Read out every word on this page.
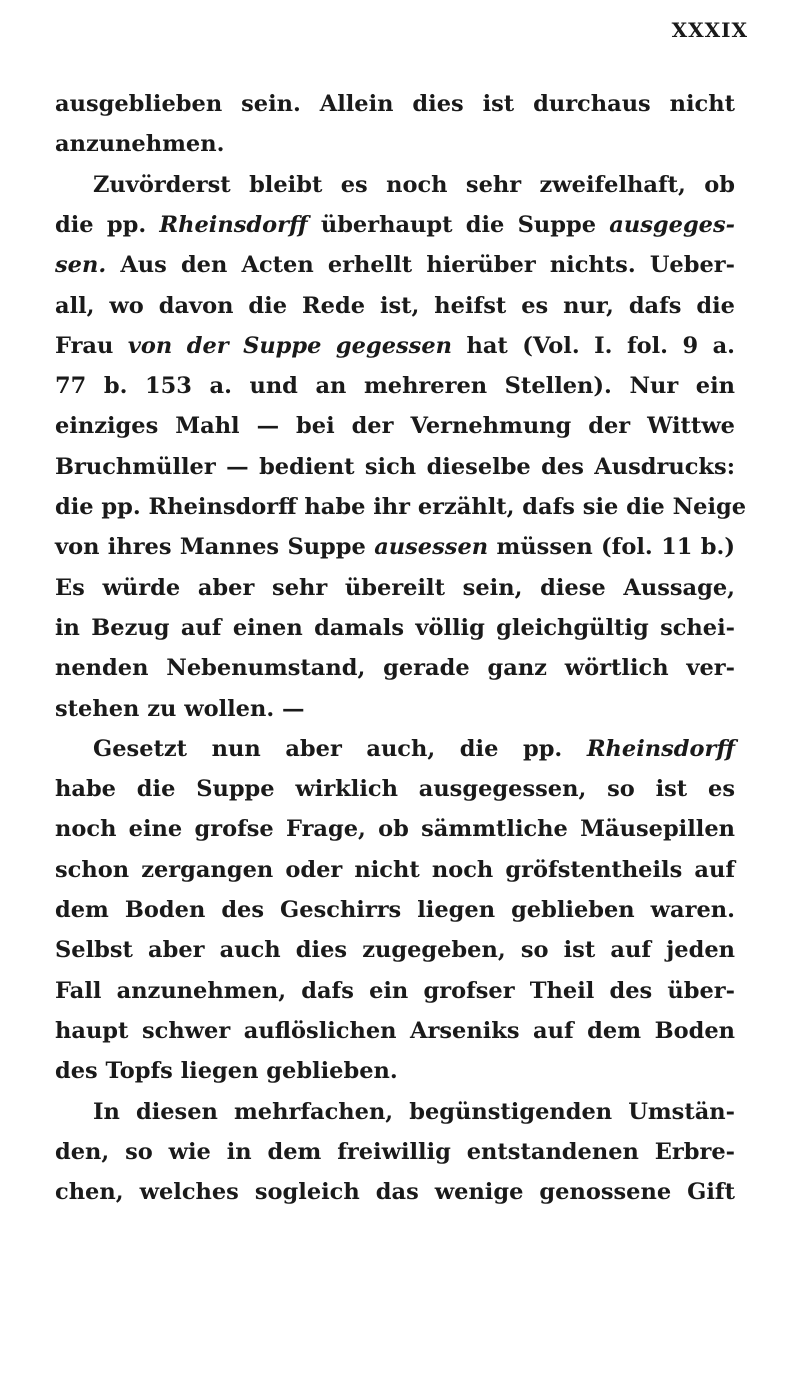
XXXIX
ausgeblieben sein. Allein dies ist durchaus nicht
anzunehmen.
Zuvörderst bleibt es noch sehr zweifelhaft, ob
die pp. Rheinsdorff überhaupt die Suppe ausgeges-
sen. Aus den Acten erhellt hierüber nichts. Ueber-
all, wo davon die Rede ist, heifst es nur, dafs die
Frau von der Suppe gegessen hat (Vol. I. fol. 9 a.
77 b. 153 a. und an mehreren Stellen). Nur ein
einziges Mahl — bei der Vernehmung der Wittwe
Bruchmüller — bedient sich dieselbe des Ausdrucks:
die pp. Rheinsdorff habe ihr erzählt, dafs sie die Neige
von ihres Mannes Suppe ausessen müssen (fol. 11 b.)
Es würde aber sehr übereilt sein, diese Aussage,
in Bezug auf einen damals völlig gleichgültig schei-
nenden Nebenumstand, gerade ganz wörtlich ver-
stehen zu wollen. —
Gesetzt nun aber auch, die pp. Rheinsdorff
habe die Suppe wirklich ausgegessen, so ist es
noch eine grofse Frage, ob sämmtliche Mäusepillen
schon zergangen oder nicht noch gröfstentheils auf
dem Boden des Geschirrs liegen geblieben waren.
Selbst aber auch dies zugegeben, so ist auf jeden
Fall anzunehmen, dafs ein grofser Theil des über-
haupt schwer auflöslichen Arseniks auf dem Boden
des Topfs liegen geblieben.
In diesen mehrfachen, begünstigenden Umstän-
den, so wie in dem freiwillig entstandenen Erbre-
chen, welches sogleich das wenige genossene Gift
